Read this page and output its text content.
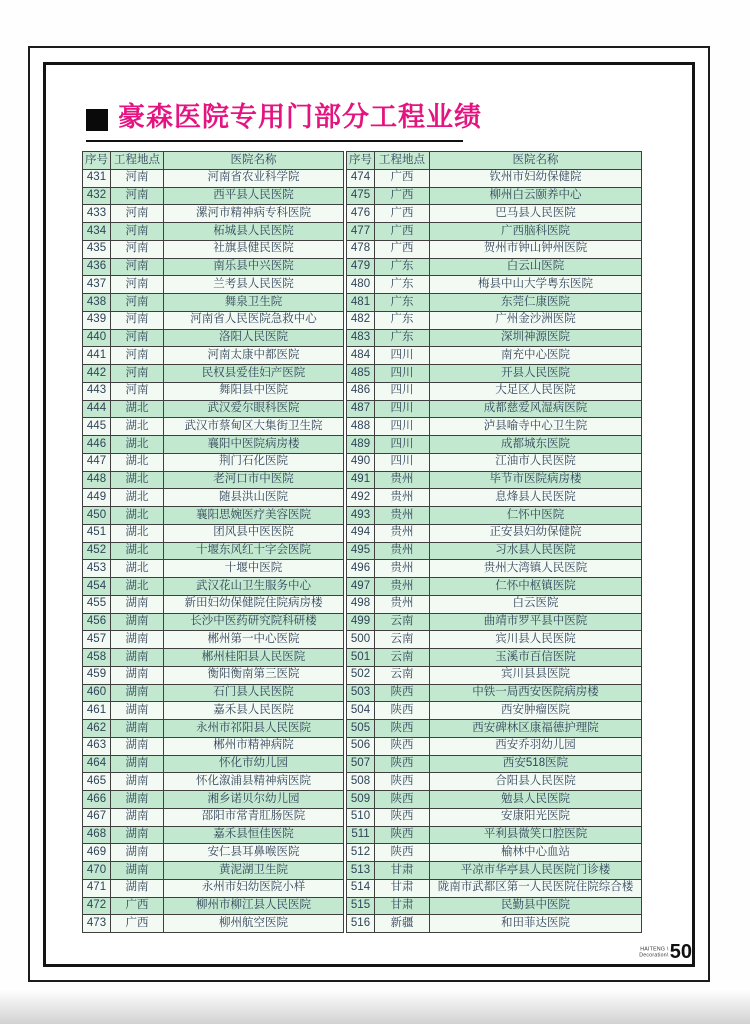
豪森医院专用门部分工程业绩
序号	工程地点	医院名称
431	河南	河南省农业科学院
432	河南	西平县人民医院
433	河南	漯河市精神病专科医院
434	河南	柘城县人民医院
435	河南	社旗县健民医院
436	河南	南乐县中兴医院
437	河南	兰考县人民医院
438	河南	舞泉卫生院
439	河南	河南省人民医院急救中心
440	河南	洛阳人民医院
441	河南	河南太康中都医院
442	河南	民权县爱佳妇产医院
443	河南	舞阳县中医院
444	湖北	武汉爱尔眼科医院
445	湖北	武汉市蔡甸区大集街卫生院
446	湖北	襄阳中医院病房楼
447	湖北	荆门石化医院
448	湖北	老河口市中医院
449	湖北	随县洪山医院
450	湖北	襄阳思婉医疗美容医院
451	湖北	团风县中医医院
452	湖北	十堰东风红十字会医院
453	湖北	十堰中医院
454	湖北	武汉花山卫生服务中心
455	湖南	新田妇幼保健院住院病房楼
456	湖南	长沙中医药研究院科研楼
457	湖南	郴州第一中心医院
458	湖南	郴州桂阳县人民医院
459	湖南	衡阳衡南第三医院
460	湖南	石门县人民医院
461	湖南	嘉禾县人民医院
462	湖南	永州市祁阳县人民医院
463	湖南	郴州市精神病院
464	湖南	怀化市幼儿园
465	湖南	怀化溆浦县精神病医院
466	湖南	湘乡诺贝尔幼儿园
467	湖南	邵阳市常青肛肠医院
468	湖南	嘉禾县恒佳医院
469	湖南	安仁县耳鼻喉医院
470	湖南	黄泥湖卫生院
471	湖南	永州市妇幼医院小样
472	广西	柳州市柳江县人民医院
473	广西	柳州航空医院
序号	工程地点	医院名称
474	广西	钦州市妇幼保健院
475	广西	柳州白云颐养中心
476	广西	巴马县人民医院
477	广西	广西脑科医院
478	广西	贺州市钟山钟州医院
479	广东	白云山医院
480	广东	梅县中山大学粤东医院
481	广东	东莞仁康医院
482	广东	广州金沙洲医院
483	广东	深圳神源医院
484	四川	南充中心医院
485	四川	开县人民医院
486	四川	大足区人民医院
487	四川	成都慈爱风湿病医院
488	四川	泸县喻寺中心卫生院
489	四川	成都城东医院
490	四川	江油市人民医院
491	贵州	毕节市医院病房楼
492	贵州	息烽县人民医院
493	贵州	仁怀中医院
494	贵州	正安县妇幼保健院
495	贵州	习水县人民医院
496	贵州	贵州大湾镇人民医院
497	贵州	仁怀中枢镇医院
498	贵州	白云医院
499	云南	曲靖市罗平县中医院
500	云南	宾川县人民医院
501	云南	玉溪市百信医院
502	云南	宾川县县医院
503	陕西	中铁一局西安医院病房楼
504	陕西	西安肿瘤医院
505	陕西	西安碑林区康福德护理院
506	陕西	西安乔羽幼儿园
507	陕西	西安518医院
508	陕西	合阳县人民医院
509	陕西	勉县人民医院
510	陕西	安康阳光医院
511	陕西	平利县微笑口腔医院
512	陕西	榆林中心血站
513	甘肃	平凉市华亭县人民医院门诊楼
514	甘肃	陇南市武都区第一人民医院住院综合楼
515	甘肃	民勤县中医院
516	新疆	和田菲达医院
HAITENG \
Decoration\ 50
